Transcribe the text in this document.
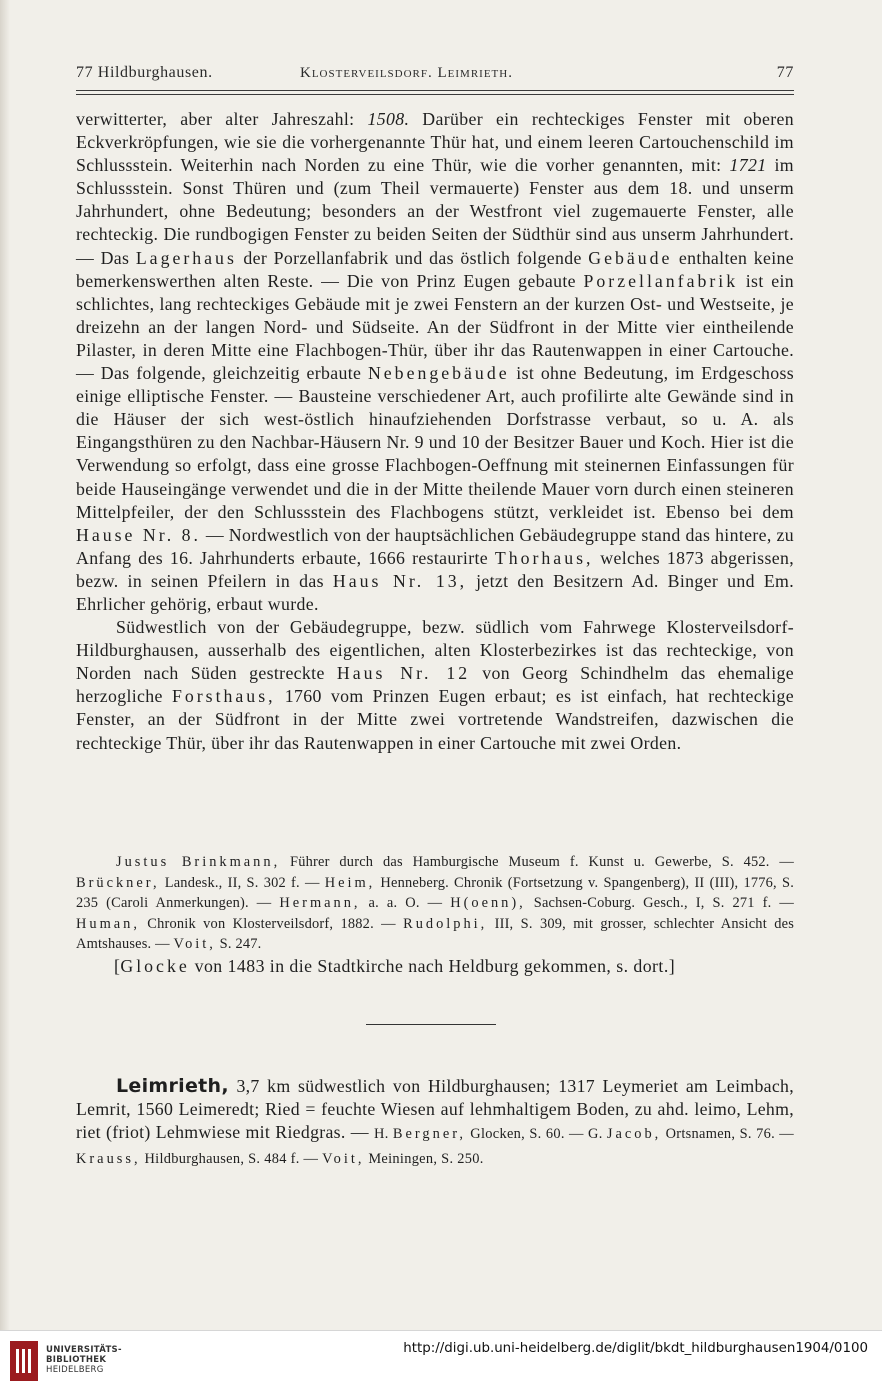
77 Hildburghausen.	Klosterveilsdorf. Leimrieth.	77

verwitterter, aber alter Jahreszahl: 1508. Darüber ein rechteckiges Fenster mit oberen Eckverkröpfungen, wie sie die vorhergenannte Thür hat, und einem leeren Cartouchenschild im Schlussstein. Weiterhin nach Norden zu eine Thür, wie die vorher genannten, mit: 1721 im Schlussstein. Sonst Thüren und (zum Theil vermauerte) Fenster aus dem 18. und unserm Jahrhundert, ohne Bedeutung; besonders an der Westfront viel zugemauerte Fenster, alle rechteckig. Die rundbogigen Fenster zu beiden Seiten der Südthür sind aus unserm Jahrhundert. — Das Lagerhaus der Porzellanfabrik und das östlich folgende Gebäude enthalten keine bemerkenswerthen alten Reste. — Die von Prinz Eugen gebaute Porzellanfabrik ist ein schlichtes, lang rechteckiges Gebäude mit je zwei Fenstern an der kurzen Ost- und Westseite, je dreizehn an der langen Nord- und Südseite. An der Südfront in der Mitte vier eintheilende Pilaster, in deren Mitte eine Flachbogen-Thür, über ihr das Rautenwappen in einer Cartouche. — Das folgende, gleichzeitig erbaute Nebengebäude ist ohne Bedeutung, im Erdgeschoss einige elliptische Fenster. — Bausteine verschiedener Art, auch profilirte alte Gewände sind in die Häuser der sich west-östlich hinaufziehenden Dorfstrasse verbaut, so u. A. als Eingangsthüren zu den Nachbar-Häusern Nr. 9 und 10 der Besitzer Bauer und Koch. Hier ist die Verwendung so erfolgt, dass eine grosse Flachbogen-Oeffnung mit steinernen Einfassungen für beide Hauseingänge verwendet und die in der Mitte theilende Mauer vorn durch einen steineren Mittelpfeiler, der den Schlussstein des Flachbogens stützt, verkleidet ist. Ebenso bei dem Hause Nr. 8. — Nordwestlich von der hauptsächlichen Gebäudegruppe stand das hintere, zu Anfang des 16. Jahrhunderts erbaute, 1666 restaurirte Thorhaus, welches 1873 abgerissen, bezw. in seinen Pfeilern in das Haus Nr. 13, jetzt den Besitzern Ad. Binger und Em. Ehrlicher gehörig, erbaut wurde.

Südwestlich von der Gebäudegruppe, bezw. südlich vom Fahrwege Klosterveilsdorf-Hildburghausen, ausserhalb des eigentlichen, alten Klosterbezirkes ist das rechteckige, von Norden nach Süden gestreckte Haus Nr. 12 von Georg Schindhelm das ehemalige herzogliche Forsthaus, 1760 vom Prinzen Eugen erbaut; es ist einfach, hat rechteckige Fenster, an der Südfront in der Mitte zwei vortretende Wandstreifen, dazwischen die rechteckige Thür, über ihr das Rautenwappen in einer Cartouche mit zwei Orden.

Justus Brinkmann, Führer durch das Hamburgische Museum f. Kunst u. Gewerbe, S. 452. — Brückner, Landesk., II, S. 302 f. — Heim, Henneberg. Chronik (Fortsetzung v. Spangenberg), II (III), 1776, S. 235 (Caroli Anmerkungen). — Hermann, a. a. O. — H(oenn), Sachsen-Coburg. Gesch., I, S. 271 f. — Human, Chronik von Klosterveilsdorf, 1882. — Rudolphi, III, S. 309, mit grosser, schlechter Ansicht des Amtshauses. — Voit, S. 247.

[Glocke von 1483 in die Stadtkirche nach Heldburg gekommen, s. dort.]

Leimrieth, 3,7 km südwestlich von Hildburghausen; 1317 Leymeriet am Leimbach, Lemrit, 1560 Leimeredt; Ried = feuchte Wiesen auf lehmhaltigem Boden, zu ahd. leimo, Lehm, riet (friot) Lehmwiese mit Riedgras. — H. Bergner, Glocken, S. 60. — G. Jacob, Ortsnamen, S. 76. — Krauss, Hildburghausen, S. 484 f. — Voit, Meiningen, S. 250.

UNIVERSITÄTS-
BIBLIOTHEK
HEIDELBERG
http://digi.ub.uni-heidelberg.de/diglit/bkdt_hildburghausen1904/0100
